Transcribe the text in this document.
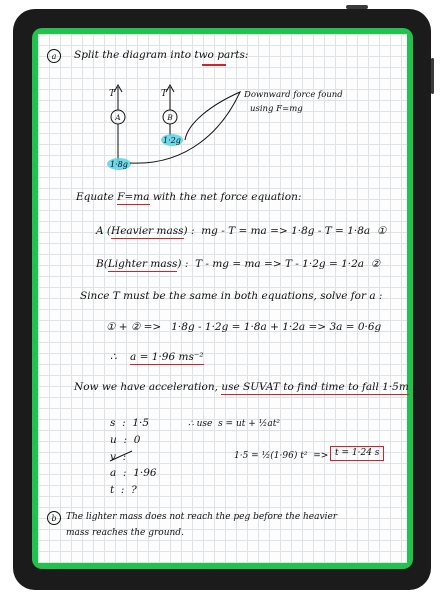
a Split the diagram into two parts:
T
A
T
B
1·2g
1·8g
Downward force found
using F=mg
Equate F=ma with the net force equation:
A (Heavier mass) : mg - T = ma => 1·8g - T = 1·8a ①
B(Lighter mass) : T - mg = ma => T - 1·2g = 1·2a ②
Since T must be the same in both equations, solve for a :
① + ② => 1·8g - 1·2g = 1·8a + 1·2a => 3a = 0·6g
∴ a = 1·96 ms⁻²
Now we have acceleration, use SUVAT to find time to fall 1·5m :
s : 1·5
u : 0
v :
a : 1·96
t : ?
∴ use s = ut + ½at²
1·5 = ½(1·96) t² => t = 1·24 s
b The lighter mass does not reach the peg before the heavier
mass reaches the ground.
